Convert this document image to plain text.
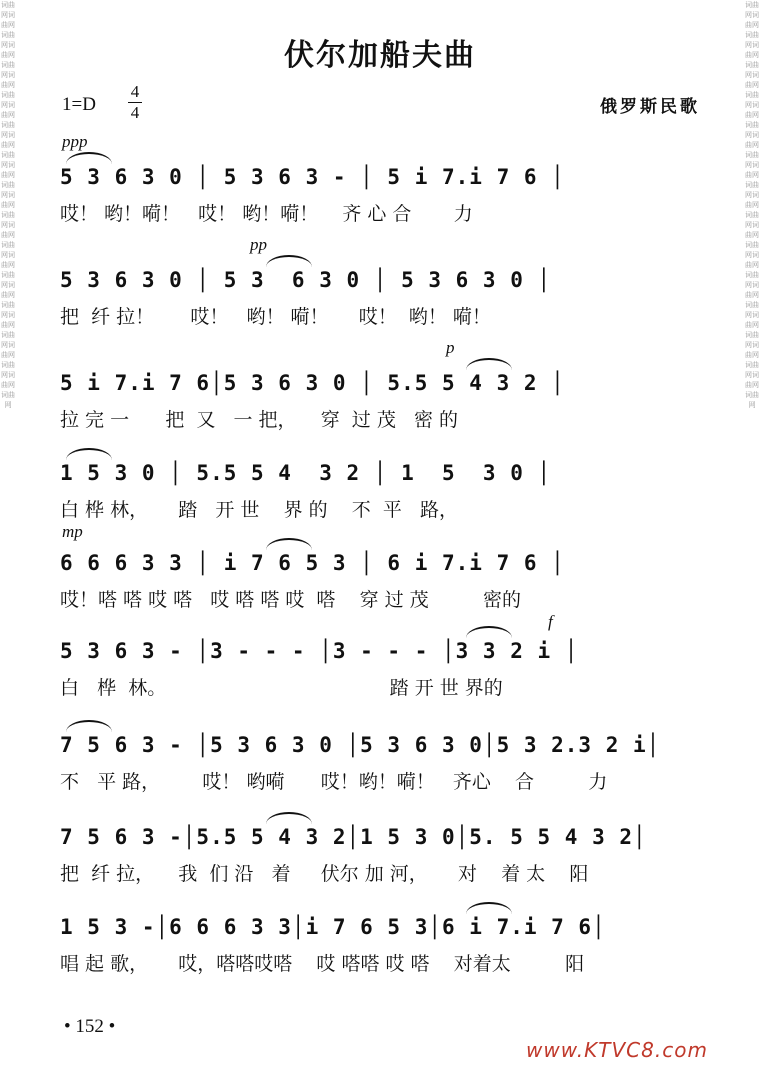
词曲网词曲网词曲网词曲网词曲网词曲网词曲网词曲网词曲网词曲网词曲网词曲网词曲网词曲网词曲网词曲网词曲网词曲网词曲网词曲网词曲网词曲网词曲网词曲网词曲网词曲网词曲网
词曲网词曲网词曲网词曲网词曲网词曲网词曲网词曲网词曲网词曲网词曲网词曲网词曲网词曲网词曲网词曲网词曲网词曲网词曲网词曲网词曲网词曲网词曲网词曲网词曲网词曲网词曲网
伏尔加船夫曲
$1=D \frac{4}{4}$	俄罗斯民歌
ppp
5 3 6 3 0 │ 5 3 6 3 - │ 5 i 7.i 7 6 │
哎！ 哟！嗬！   哎！ 哟！嗬！    齐 心 合       力
pp
5 3 6 3 0 │ 5 3  6 3 0 │ 5 3 6 3 0 │
把  纤 拉！      哎！   哟！ 嗬！     哎！  哟！ 嗬！
p
5 i 7.i 7 6│5 3 6 3 0 │ 5.5 5 4 3 2 │
拉 完 一      把  又   一 把，    穿  过 茂   密 的
1 5 3 0 │ 5.5 5 4  3 2 │ 1  5  3 0 │
白 桦 林，     踏   开 世    界 的    不  平   路，
mp
6 6 6 3 3 │ i 7 6 5 3 │ 6 i 7.i 7 6 │
哎！嗒 嗒 哎 嗒   哎 嗒 嗒 哎  嗒    穿 过 茂         密的
f
5 3 6 3 - │3 - - - │3 - - - │3 3 2 i │
白   桦  林。                                     踏 开 世 界的
7 5 6 3 - │5 3 6 3 0 │5 3 6 3 0│5 3 2.3 2 i│
不   平 路，       哎！ 哟嗬      哎！哟！嗬！   齐心    合         力
7 5 6 3 -│5.5 5 4 3 2│1 5 3 0│5. 5 5 4 3 2│
把  纤 拉，    我  们 沿   着     伏尔 加 河，     对    着 太    阳
1 5 3 -│6 6 6 3 3│i 7 6 5 3│6 i 7.i 7 6│
唱 起 歌，     哎，嗒嗒哎嗒    哎 嗒嗒 哎 嗒    对着太         阳
• 152 •
www.KTVC8.com
